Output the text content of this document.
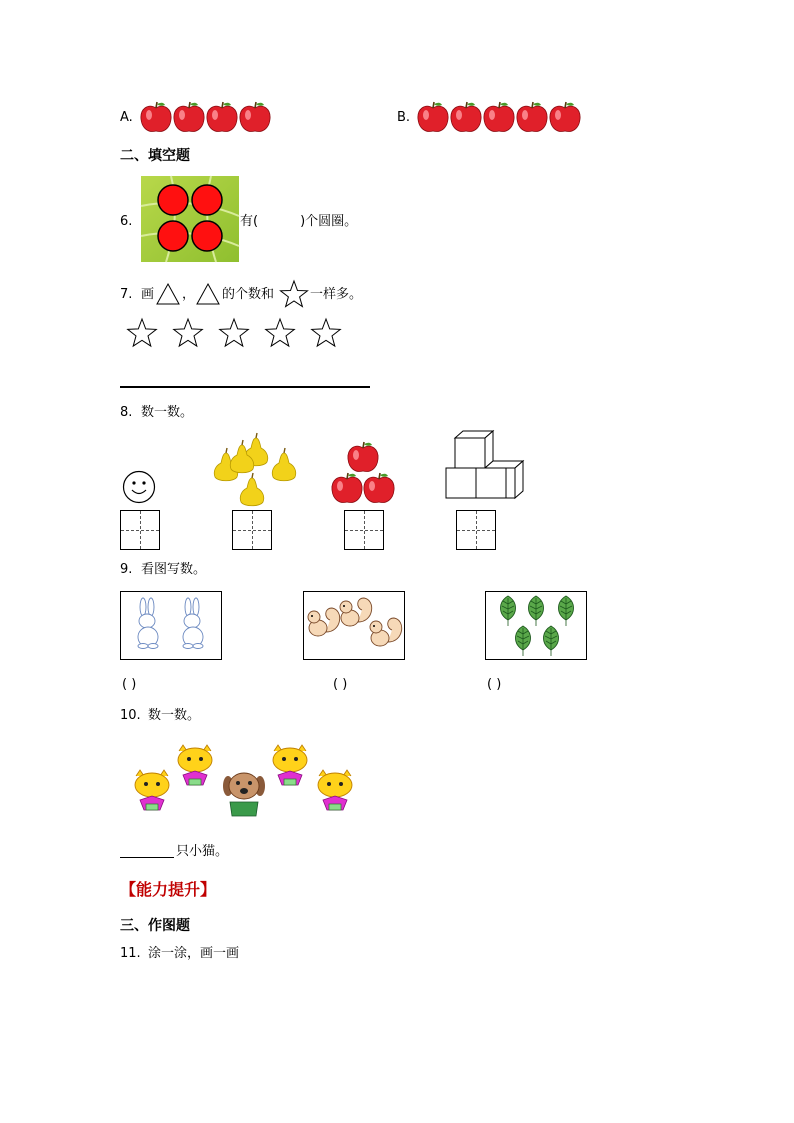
A.	B.
二、填空题
6.	有(	)个圆圈。
7. 画 ， 的个数和	一样多。
8. 数一数。
9. 看图写数。
( )	( )	( )
10. 数一数。
只小猫。
【能力提升】
三、作图题
11. 涂一涂，画一画
